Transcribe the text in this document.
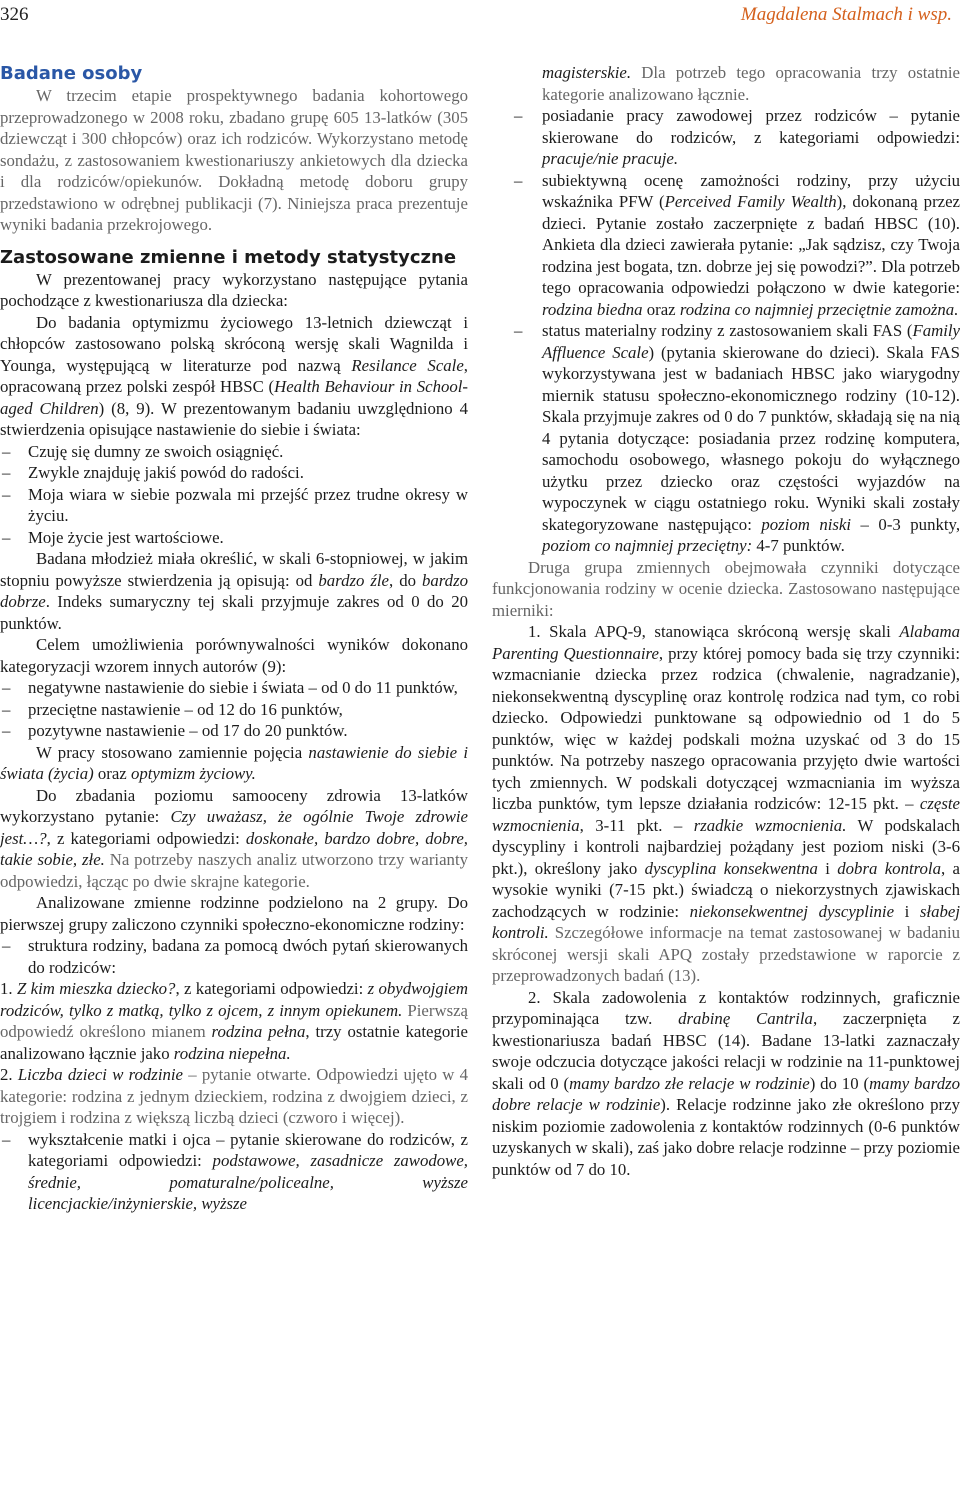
326	Magdalena Stalmach i wsp.
Badane osoby

W trzecim etapie prospektywnego badania kohortowego przeprowadzonego w 2008 roku, zbadano grupę 605 13-latków (305 dziewcząt i 300 chłopców) oraz ich rodziców. Wykorzystano metodę sondażu, z zastosowaniem kwestionariuszy ankietowych dla dziecka i dla rodziców/opiekunów. Dokładną metodę doboru grupy przedstawiono w odrębnej publikacji (7). Niniejsza praca prezentuje wyniki badania przekrojowego.

Zastosowane zmienne i metody statystyczne

W prezentowanej pracy wykorzystano następujące pytania pochodzące z kwestionariusza dla dziecka:

Do badania optymizmu życiowego 13-letnich dziewcząt i chłopców zastosowano polską skróconą wersję skali Wagnilda i Younga, występującą w literaturze pod nazwą Resilance Scale, opracowaną przez polski zespół HBSC (Health Behaviour in School-aged Children) (8, 9). W prezentowanym badaniu uwzględniono 4 stwierdzenia opisujące nastawienie do siebie i świata:

– Czuję się dumny ze swoich osiągnięć.

– Zwykle znajduję jakiś powód do radości.

– Moja wiara w siebie pozwala mi przejść przez trudne okresy w życiu.

– Moje życie jest wartościowe.

Badana młodzież miała określić, w skali 6-stopniowej, w jakim stopniu powyższe stwierdzenia ją opisują: od bardzo źle, do bardzo dobrze. Indeks sumaryczny tej skali przyjmuje zakres od 0 do 20 punktów.

Celem umożliwienia porównywalności wyników dokonano kategoryzacji wzorem innych autorów (9):

– negatywne nastawienie do siebie i świata – od 0 do 11 punktów,

– przeciętne nastawienie – od 12 do 16 punktów,

– pozytywne nastawienie – od 17 do 20 punktów.

W pracy stosowano zamiennie pojęcia nastawienie do siebie i świata (życia) oraz optymizm życiowy.

Do zbadania poziomu samooceny zdrowia 13-latków wykorzystano pytanie: Czy uważasz, że ogólnie Twoje zdrowie jest…?, z kategoriami odpowiedzi: doskonałe, bardzo dobre, dobre, takie sobie, złe. Na potrzeby naszych analiz utworzono trzy warianty odpowiedzi, łącząc po dwie skrajne kategorie.

Analizowane zmienne rodzinne podzielono na 2 grupy. Do pierwszej grupy zaliczono czynniki społeczno-ekonomiczne rodziny:

– struktura rodziny, badana za pomocą dwóch pytań skierowanych do rodziców:

1. Z kim mieszka dziecko?, z kategoriami odpowiedzi: z obydwojgiem rodziców, tylko z matką, tylko z ojcem, z innym opiekunem. Pierwszą odpowiedź określono mianem rodzina pełna, trzy ostatnie kategorie analizowano łącznie jako rodzina niepełna.

2. Liczba dzieci w rodzinie – pytanie otwarte. Odpowiedzi ujęto w 4 kategorie: rodzina z jednym dzieckiem, rodzina z dwojgiem dzieci, z trojgiem i rodzina z większą liczbą dzieci (czworo i więcej).

– wykształcenie matki i ojca – pytanie skierowane do rodziców, z kategoriami odpowiedzi: podstawowe, zasadnicze zawodowe, średnie, pomaturalne/policealne, wyższe licencjackie/inżynierskie, wyższe

magisterskie. Dla potrzeb tego opracowania trzy ostatnie kategorie analizowano łącznie.

– posiadanie pracy zawodowej przez rodziców – pytanie skierowane do rodziców, z kategoriami odpowiedzi: pracuje/nie pracuje.

– subiektywną ocenę zamożności rodziny, przy użyciu wskaźnika PFW (Perceived Family Wealth), dokonaną przez dzieci. Pytanie zostało zaczerpnięte z badań HBSC (10). Ankieta dla dzieci zawierała pytanie: „Jak sądzisz, czy Twoja rodzina jest bogata, tzn. dobrze jej się powodzi?”. Dla potrzeb tego opracowania odpowiedzi połączono w dwie kategorie: rodzina biedna oraz rodzina co najmniej przeciętnie zamożna.

– status materialny rodziny z zastosowaniem skali FAS (Family Affluence Scale) (pytania skierowane do dzieci). Skala FAS wykorzystywana jest w badaniach HBSC jako wiarygodny miernik statusu społeczno-ekonomicznego rodziny (10-12). Skala przyjmuje zakres od 0 do 7 punktów, składają się na nią 4 pytania dotyczące: posiadania przez rodzinę komputera, samochodu osobowego, własnego pokoju do wyłącznego użytku przez dziecko oraz częstości wyjazdów na wypoczynek w ciągu ostatniego roku. Wyniki skali zostały skategoryzowane następująco: poziom niski – 0-3 punkty, poziom co najmniej przeciętny: 4-7 punktów.

Druga grupa zmiennych obejmowała czynniki dotyczące funkcjonowania rodziny w ocenie dziecka. Zastosowano następujące mierniki:

1. Skala APQ-9, stanowiąca skróconą wersję skali Alabama Parenting Questionnaire, przy której pomocy bada się trzy czynniki: wzmacnianie dziecka przez rodzica (chwalenie, nagradzanie), niekonsekwentną dyscyplinę oraz kontrolę rodzica nad tym, co robi dziecko. Odpowiedzi punktowane są odpowiednio od 1 do 5 punktów, więc w każdej podskali można uzyskać od 3 do 15 punktów. Na potrzeby naszego opracowania przyjęto dwie wartości tych zmiennych. W podskali dotyczącej wzmacniania im wyższa liczba punktów, tym lepsze działania rodziców: 12-15 pkt. – częste wzmocnienia, 3-11 pkt. – rzadkie wzmocnienia. W podskalach dyscypliny i kontroli najbardziej pożądany jest poziom niski (3-6 pkt.), określony jako dyscyplina konsekwentna i dobra kontrola, a wysokie wyniki (7-15 pkt.) świadczą o niekorzystnych zjawiskach zachodzących w rodzinie: niekonsekwentnej dyscyplinie i słabej kontroli. Szczegółowe informacje na temat zastosowanej w badaniu skróconej wersji skali APQ zostały przedstawione w raporcie z przeprowadzonych badań (13).

2. Skala zadowolenia z kontaktów rodzinnych, graficznie przypominająca tzw. drabinę Cantrila, zaczerpnięta z kwestionariusza badań HBSC (14). Badane 13-latki zaznaczały swoje odczucia dotyczące jakości relacji w rodzinie na 11-punktowej skali od 0 (mamy bardzo złe relacje w rodzinie) do 10 (mamy bardzo dobre relacje w rodzinie). Relacje rodzinne jako złe określono przy niskim poziomie zadowolenia z kontaktów rodzinnych (0-6 punktów uzyskanych w skali), zaś jako dobre relacje rodzinne – przy poziomie punktów od 7 do 10.
